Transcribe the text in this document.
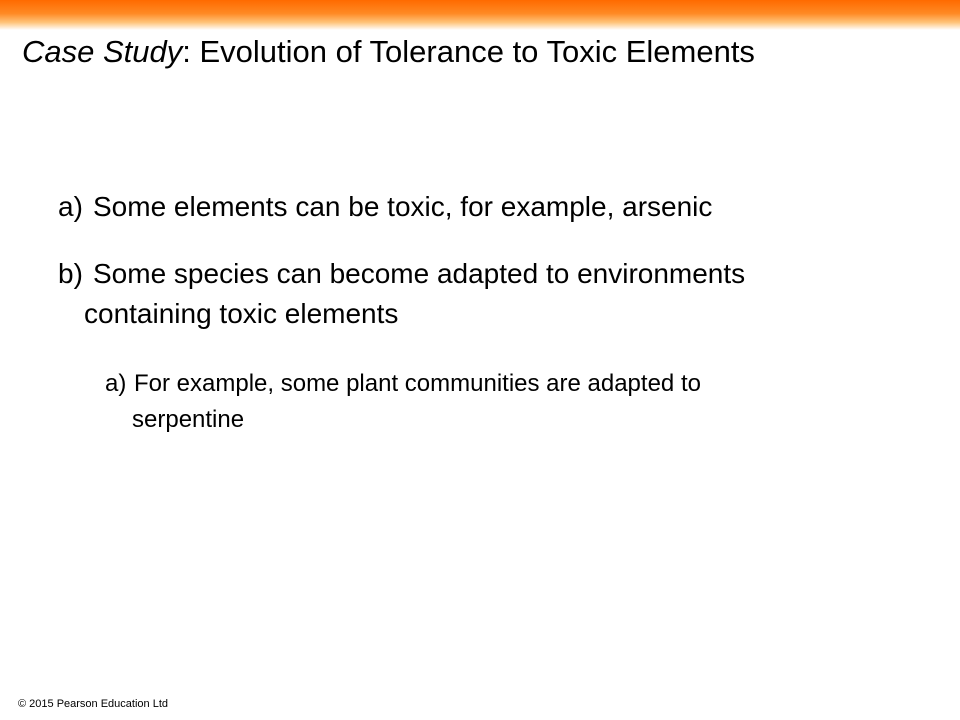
Case Study: Evolution of Tolerance to Toxic Elements
a) Some elements can be toxic, for example, arsenic
b) Some species can become adapted to environments
containing toxic elements
a) For example, some plant communities are adapted to
serpentine
© 2015 Pearson Education Ltd
